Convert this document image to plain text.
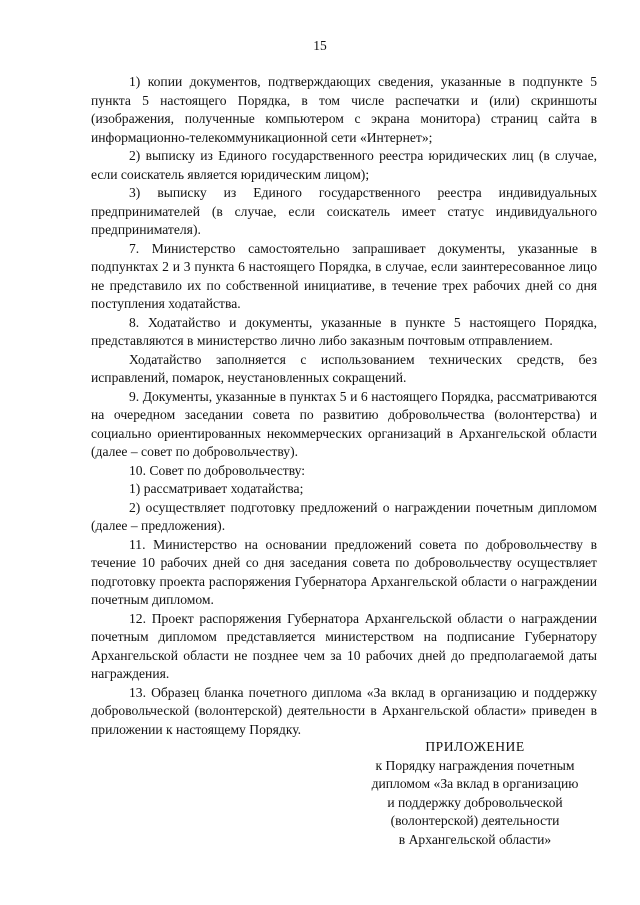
15

1) копии документов, подтверждающих сведения, указанные в подпункте 5 пункта 5 настоящего Порядка, в том числе распечатки и (или) скриншоты (изображения, полученные компьютером с экрана монитора) страниц сайта в информационно-телекоммуникационной сети «Интернет»;

2) выписку из Единого государственного реестра юридических лиц (в случае, если соискатель является юридическим лицом);

3) выписку из Единого государственного реестра индивидуальных предпринимателей (в случае, если соискатель имеет статус индивидуального предпринимателя).

7. Министерство самостоятельно запрашивает документы, указанные в подпунктах 2 и 3 пункта 6 настоящего Порядка, в случае, если заинтересованное лицо не представило их по собственной инициативе, в течение трех рабочих дней со дня поступления ходатайства.

8. Ходатайство и документы, указанные в пункте 5 настоящего Порядка, представляются в министерство лично либо заказным почтовым отправлением.

Ходатайство заполняется с использованием технических средств, без исправлений, помарок, неустановленных сокращений.

9. Документы, указанные в пунктах 5 и 6 настоящего Порядка, рассматриваются на очередном заседании совета по развитию добровольчества (волонтерства) и социально ориентированных некоммерческих организаций в Архангельской области (далее – совет по добровольчеству).

10. Совет по добровольчеству:

1) рассматривает ходатайства;

2) осуществляет подготовку предложений о награждении почетным дипломом (далее – предложения).

11. Министерство на основании предложений совета по добровольчеству в течение 10 рабочих дней со дня заседания совета по добровольчеству осуществляет подготовку проекта распоряжения Губернатора Архангельской области о награждении почетным дипломом.

12. Проект распоряжения Губернатора Архангельской области о награждении почетным дипломом представляется министерством на подписание Губернатору Архангельской области не позднее чем за 10 рабочих дней до предполагаемой даты награждения.

13. Образец бланка почетного диплома «За вклад в организацию и поддержку добровольческой (волонтерской) деятельности в Архангельской области» приведен в приложении к настоящему Порядку.

ПРИЛОЖЕНИЕ

к Порядку награждения почетным

дипломом «За вклад в организацию

и поддержку добровольческой

(волонтерской) деятельности

в Архангельской области»
